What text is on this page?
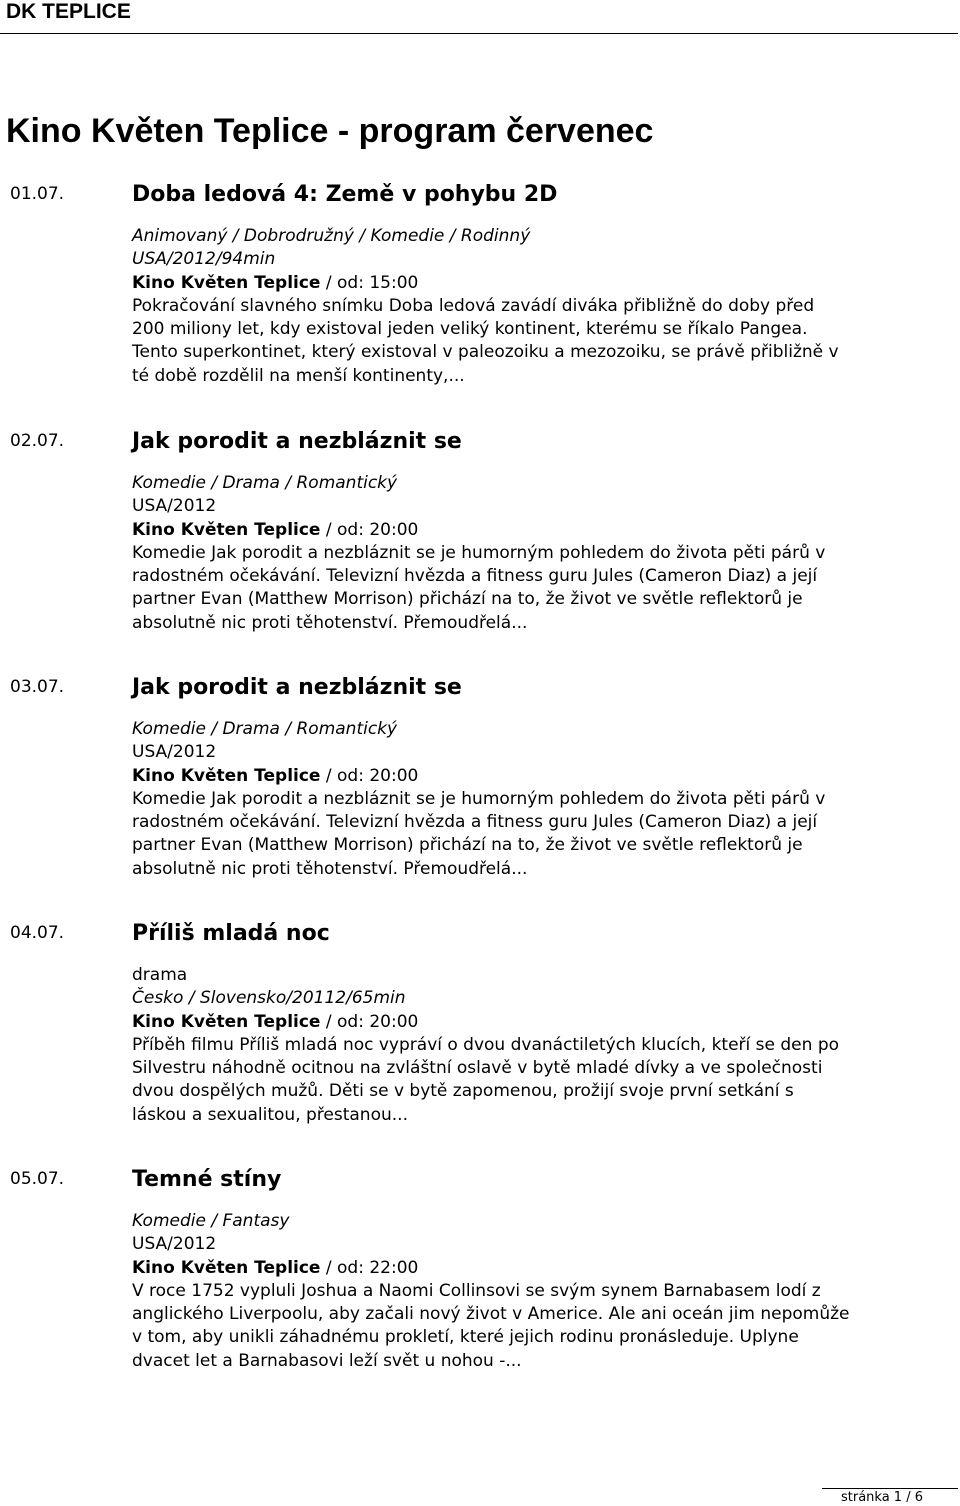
DK TEPLICE
Kino Květen Teplice - program červenec
01.07.	Doba ledová 4: Země v pohybu 2D
Animovaný / Dobrodružný / Komedie / Rodinný
USA/2012/94min
Kino Květen Teplice / od: 15:00
Pokračování slavného snímku Doba ledová zavádí diváka přibližně do doby před 200 miliony let, kdy existoval jeden veliký kontinent, kterému se říkalo Pangea. Tento superkontinet, který existoval v paleozoiku a mezozoiku, se právě přibližně v té době rozdělil na menší kontinenty,...
02.07.	Jak porodit a nezbláznit se
Komedie / Drama / Romantický
USA/2012
Kino Květen Teplice / od: 20:00
Komedie Jak porodit a nezbláznit se je humorným pohledem do života pěti párů v radostném očekávání. Televizní hvězda a fitness guru Jules (Cameron Diaz) a její partner Evan (Matthew Morrison) přichází na to, že život ve světle reflektorů je absolutně nic proti těhotenství. Přemoudřelá...
03.07.	Jak porodit a nezbláznit se
Komedie / Drama / Romantický
USA/2012
Kino Květen Teplice / od: 20:00
Komedie Jak porodit a nezbláznit se je humorným pohledem do života pěti párů v radostném očekávání. Televizní hvězda a fitness guru Jules (Cameron Diaz) a její partner Evan (Matthew Morrison) přichází na to, že život ve světle reflektorů je absolutně nic proti těhotenství. Přemoudřelá...
04.07.	Příliš mladá noc
drama
Česko / Slovensko/20112/65min
Kino Květen Teplice / od: 20:00
Příběh filmu Příliš mladá noc vypráví o dvou dvanáctiletých klucích, kteří se den po Silvestru náhodně ocitnou na zvláštní oslavě v bytě mladé dívky a ve společnosti dvou dospělých mužů. Děti se v bytě zapomenou, prožijí svoje první setkání s láskou a sexualitou, přestanou...
05.07.	Temné stíny
Komedie / Fantasy
USA/2012
Kino Květen Teplice / od: 22:00
V roce 1752 vypluli Joshua a Naomi Collinsovi se svým synem Barnabasem lodí z anglického Liverpoolu, aby začali nový život v Americe. Ale ani oceán jim nepomůže v tom, aby unikli záhadnému prokletí, které jejich rodinu pronásleduje. Uplyne dvacet let a Barnabasovi leží svět u nohou -...
stránka 1 / 6
